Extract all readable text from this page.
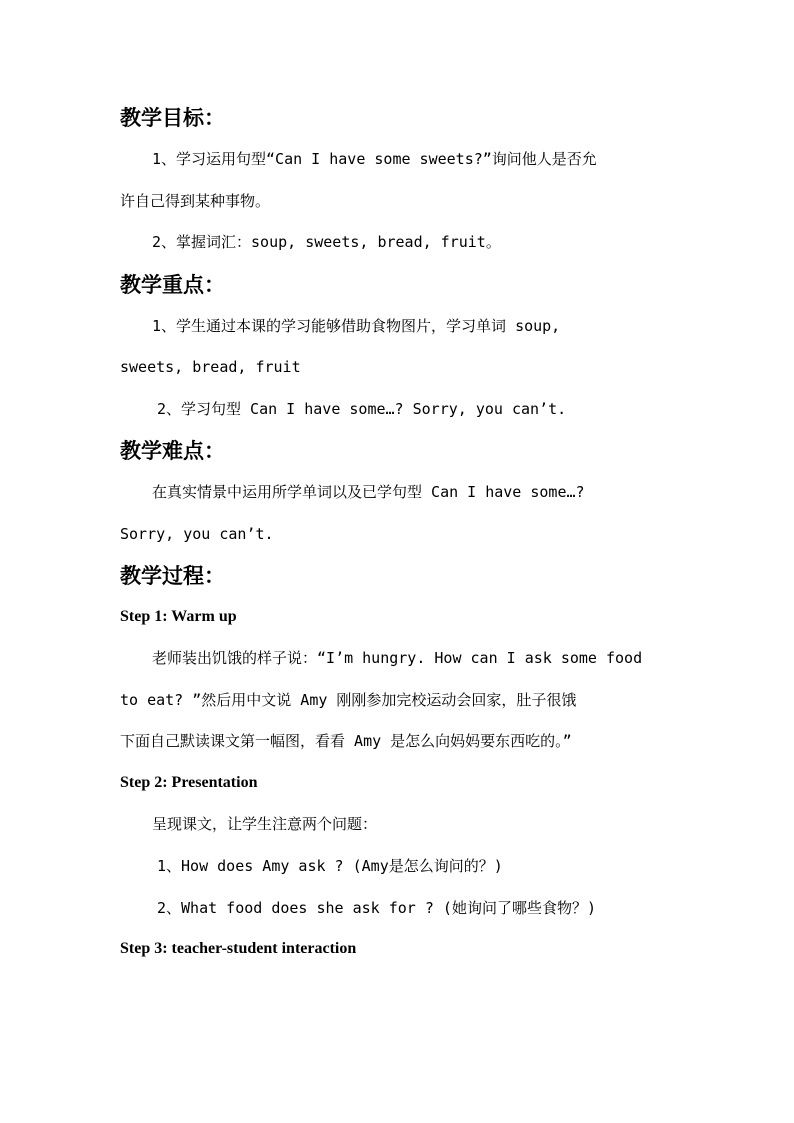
教学目标：
1、学习运用句型“Can I have some sweets?”询问他人是否允
许自己得到某种事物。
2、掌握词汇：soup, sweets, bread, fruit。
教学重点：
1、学生通过本课的学习能够借助食物图片，学习单词 soup,
sweets, bread, fruit
2、学习句型 Can I have some…? Sorry, you can’t.
教学难点：
在真实情景中运用所学单词以及已学句型 Can I have some…?
Sorry, you can’t.
教学过程：
Step 1: Warm up
老师装出饥饿的样子说：“I’m hungry. How can I ask some food
to eat? ”然后用中文说 Amy 刚刚参加完校运动会回家，肚子很饿
下面自己默读课文第一幅图，看看 Amy 是怎么向妈妈要东西吃的。”
Step 2: Presentation
呈现课文，让学生注意两个问题：
1、How does Amy ask ? (Amy是怎么询问的？)
2、What food does she ask for ? (她询问了哪些食物？)
Step 3: teacher-student interaction
